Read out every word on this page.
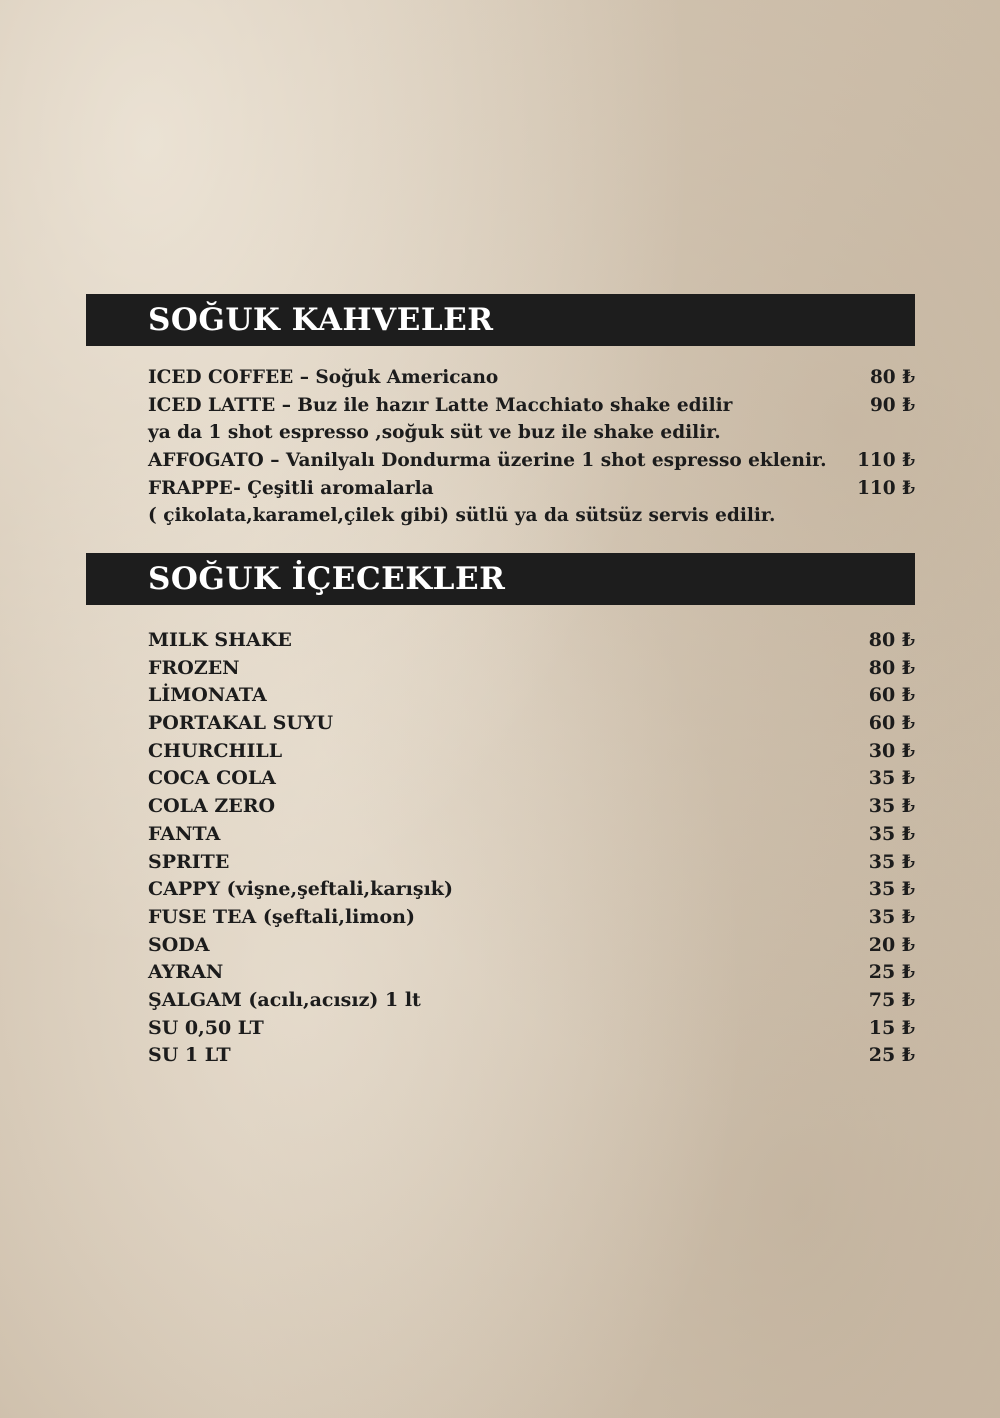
SOĞUK KAHVELER
ICED COFFEE – Soğuk Americano	80 ₺
ICED LATTE – Buz ile hazır Latte Macchiato shake edilir	90 ₺
ya da 1 shot espresso ,soğuk süt ve buz ile shake edilir.
AFFOGATO – Vanilyalı Dondurma üzerine 1 shot espresso eklenir. 110 ₺
FRAPPE- Çeşitli aromalarla	110 ₺
( çikolata,karamel,çilek gibi) sütlü ya da sütsüz servis edilir.
SOĞUK İÇECEKLER
MILK SHAKE	80 ₺
FROZEN	80 ₺
LİMONATA	60 ₺
PORTAKAL SUYU	60 ₺
CHURCHILL	30 ₺
COCA COLA	35 ₺
COLA ZERO	35 ₺
FANTA	35 ₺
SPRITE	35 ₺
CAPPY (vişne,şeftali,karışık)	35 ₺
FUSE TEA (şeftali,limon)	35 ₺
SODA	20 ₺
AYRAN	25 ₺
ŞALGAM (acılı,acısız) 1 lt	75 ₺
SU 0,50 LT	15 ₺
SU 1 LT	25 ₺
